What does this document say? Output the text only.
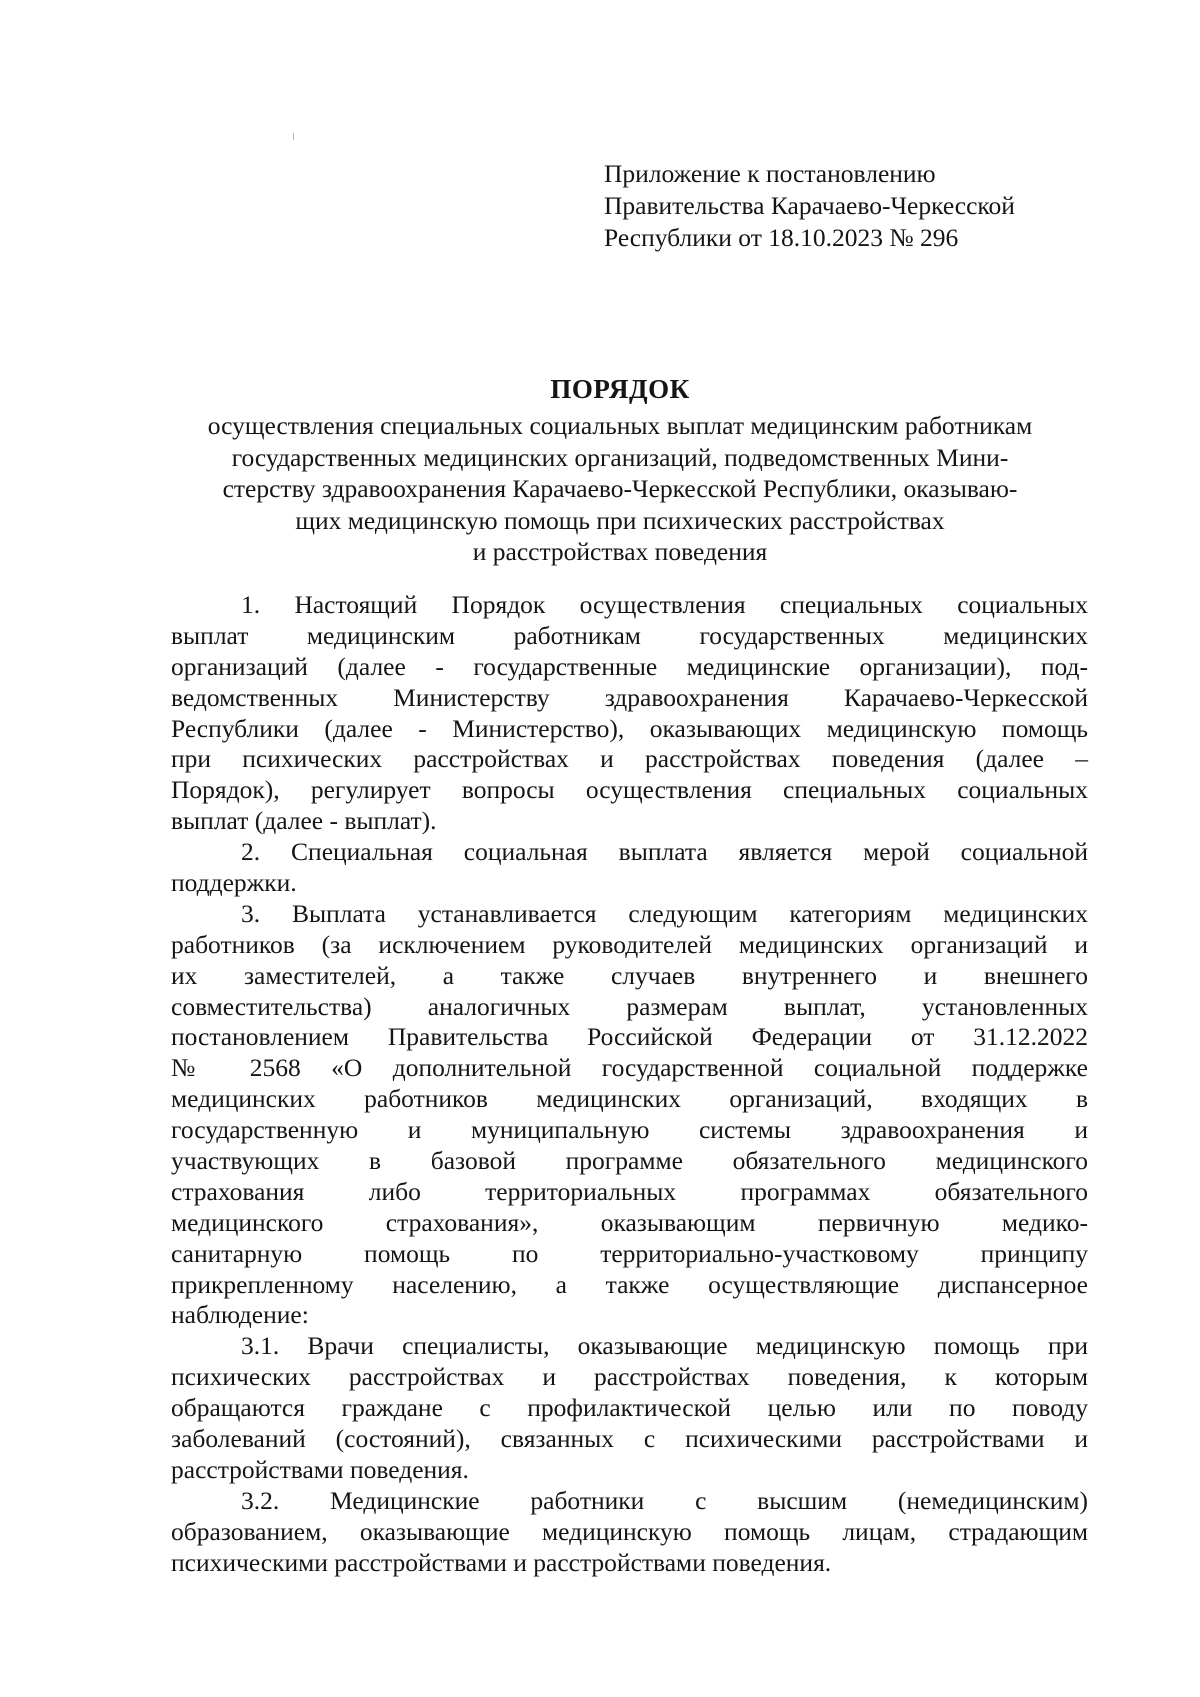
Приложение к постановлению
Правительства Карачаево-Черкесской
Республики от 18.10.2023 № 296
ПОРЯДОК
осуществления специальных социальных выплат медицинским работникам
государственных медицинских организаций, подведомственных Мини-
стерству здравоохранения Карачаево-Черкесской Республики, оказываю-
щих медицинскую помощь при психических расстройствах
и расстройствах поведения

1. Настоящий Порядок осуществления специальных социальных
выплат медицинским работникам государственных медицинских
организаций (далее - государственные медицинские организации), под-
ведомственных Министерству здравоохранения Карачаево-Черкесской
Республики (далее - Министерство), оказывающих медицинскую помощь
при психических расстройствах и расстройствах поведения (далее –
Порядок), регулирует вопросы осуществления специальных социальных
выплат (далее - выплат).

2. Специальная социальная выплата является мерой социальной
поддержки.

3. Выплата устанавливается следующим категориям медицинских
работников (за исключением руководителей медицинских организаций и
их заместителей, а также случаев внутреннего и внешнего
совместительства) аналогичных размерам выплат, установленных
постановлением Правительства Российской Федерации от 31.12.2022
№ 2568 «О дополнительной государственной социальной поддержке
медицинских работников медицинских организаций, входящих в
государственную и муниципальную системы здравоохранения и
участвующих в базовой программе обязательного медицинского
страхования либо территориальных программах обязательного
медицинского страхования», оказывающим первичную медико-
санитарную помощь по территориально-участковому принципу
прикрепленному населению, а также осуществляющие диспансерное
наблюдение:

3.1. Врачи специалисты, оказывающие медицинскую помощь при
психических расстройствах и расстройствах поведения, к которым
обращаются граждане с профилактической целью или по поводу
заболеваний (состояний), связанных с психическими расстройствами и
расстройствами поведения.

3.2. Медицинские работники с высшим (немедицинским)
образованием, оказывающие медицинскую помощь лицам, страдающим
психическими расстройствами и расстройствами поведения.
